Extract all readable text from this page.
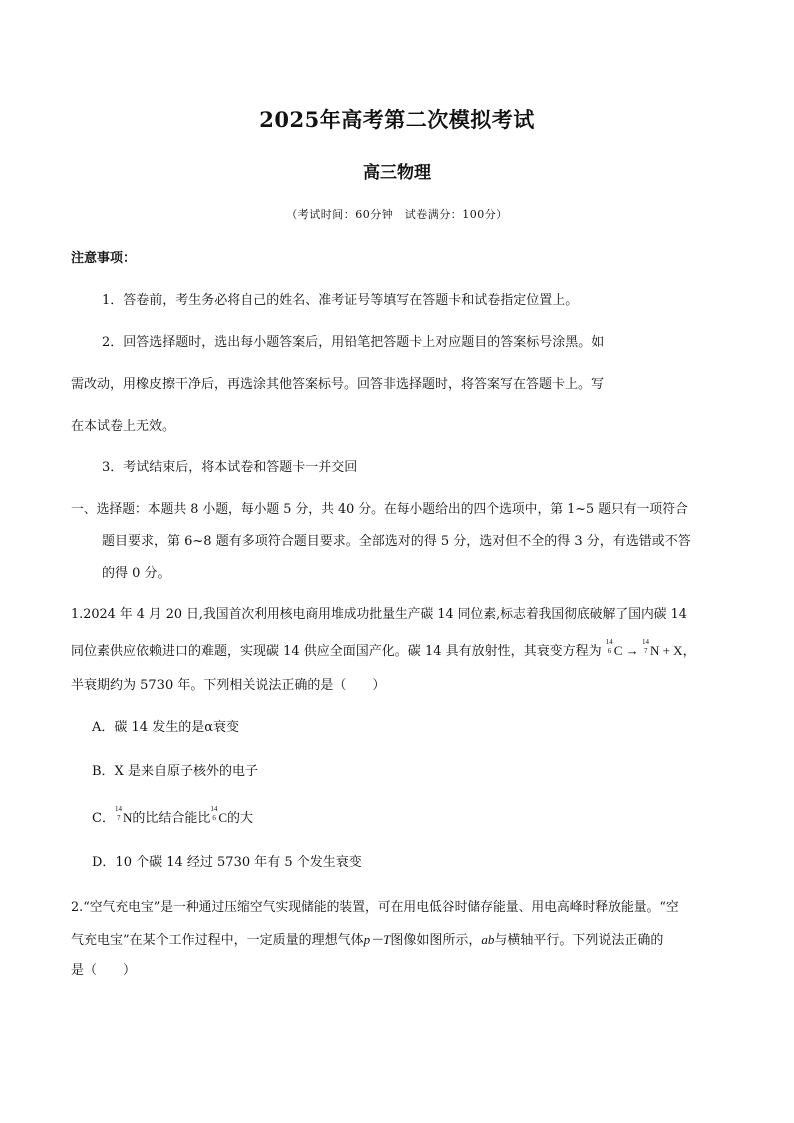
2025年高考第二次模拟考试
高三物理
（考试时间：60分钟　试卷满分：100分）
注意事项：
1．答卷前，考生务必将自己的姓名、准考证号等填写在答题卡和试卷指定位置上。
2．回答选择题时，选出每小题答案后，用铅笔把答题卡上对应题目的答案标号涂黑。如
需改动，用橡皮擦干净后，再选涂其他答案标号。回答非选择题时，将答案写在答题卡上。写
在本试卷上无效。
3．考试结束后，将本试卷和答题卡一并交回
一、选择题：本题共 8 小题，每小题 5 分，共 40 分。在每小题给出的四个选项中，第 1~5 题只有一项符合
题目要求，第 6~8 题有多项符合题目要求。全部选对的得 5 分，选对但不全的得 3 分，有选错或不答
的得 0 分。
1.2024 年 4 月 20 日,我国首次利用核电商用堆成功批量生产碳 14 同位素,标志着我国彻底破解了国内碳 14
同位素供应依赖进口的难题，实现碳 14 供应全面国产化。碳 14 具有放射性，其衰变方程为
14
6 C →
14
7 N + X，
半衰期约为 5730 年。下列相关说法正确的是（　　）
A．碳 14 发生的是α衰变
B．X 是来自原子核外的电子
C．
14
7 N的比结合能比
14
6 C的大
D．10 个碳 14 经过 5730 年有 5 个发生衰变
2.“空气充电宝”是一种通过压缩空气实现储能的装置，可在用电低谷时储存能量、用电高峰时释放能量。“空
气充电宝”在某个工作过程中，一定质量的理想气体p－T图像如图所示，ab与横轴平行。下列说法正确的
是（　　）
